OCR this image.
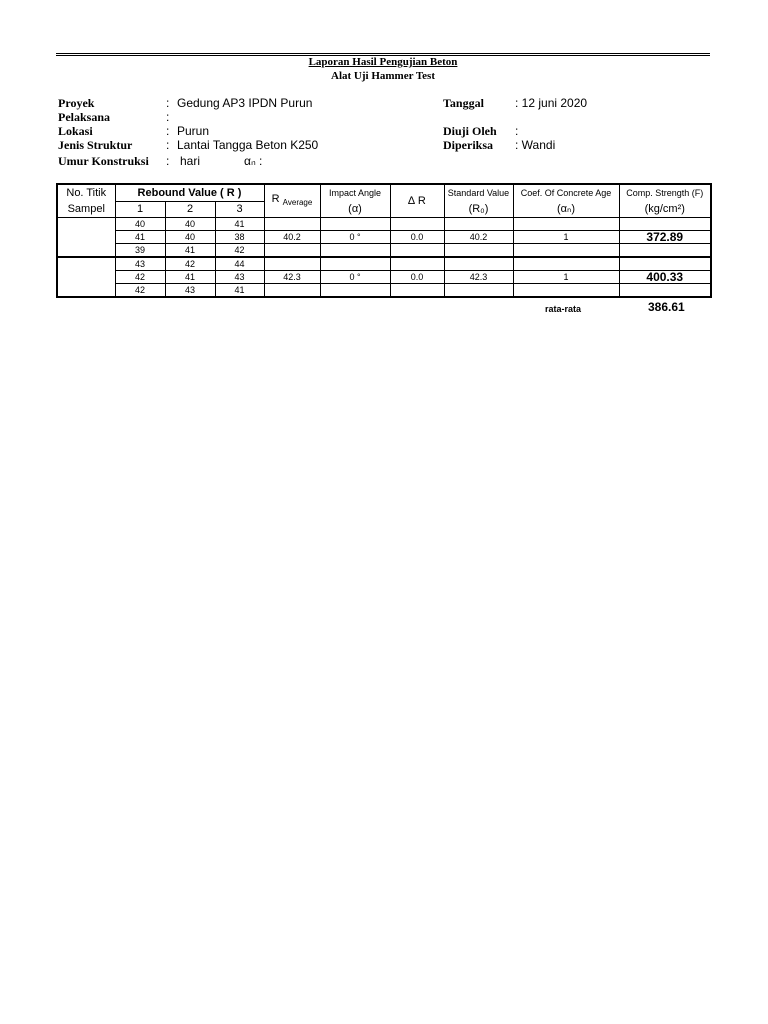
Laporan Hasil Pengujian Beton
Alat Uji Hammer Test
Proyek	: Gedung AP3 IPDN Purun
Pelaksana	:
Lokasi	: Purun
Jenis Struktur	: Lantai Tangga Beton K250
Umur Konstruksi : hari	αₙ :
Tanggal	: 12 juni 2020
Diuji Oleh :
Diperiksa : Wandi
No. Titik	Rebound Value ( R )			R $_{Average}$	Impact Angle	∆ R	Standard Value	Coef. Of Concrete Age	Comp. Strength (F)
Sampel	1	2	3		(α)		(R₀)	(αₙ)	(kg/cm²)
	40	40	41						
	41	40	38	40.2	0 °	0.0	40.2	1	372.89
	39	41	42						
	43	42	44						
	42	41	43	42.3	0 °	0.0	42.3	1	400.33
	42	43	41						
rata-rata	386.61
